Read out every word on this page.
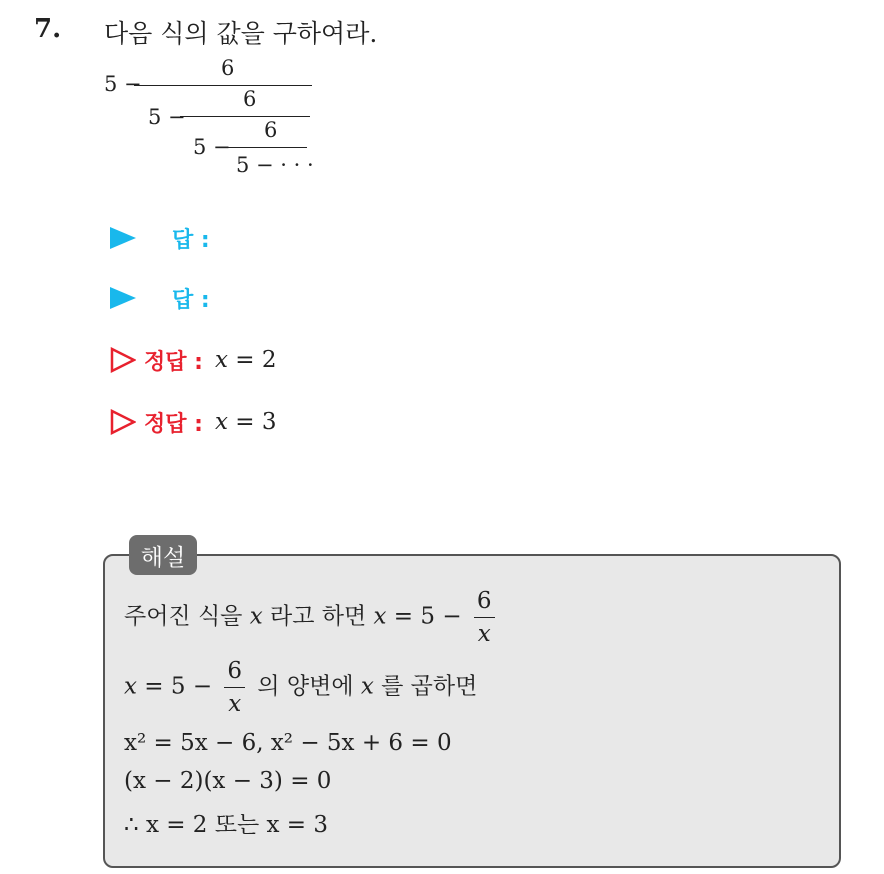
7. 다음 식의 값을 구하여라.
5 −
6
5 −
6
5 −
6
5 − · · ·
답 :
답 :
정답 : x = 2
정답 : x = 3
해설
주어진 식을 x 라고 하면 $x = 5 - \frac{6}{x}$
$x = 5 - \frac{6}{x}$ 의 양변에 x 를 곱하면
x² = 5x − 6, x² − 5x + 6 = 0
(x − 2)(x − 3) = 0
∴ x = 2 또는 x = 3
